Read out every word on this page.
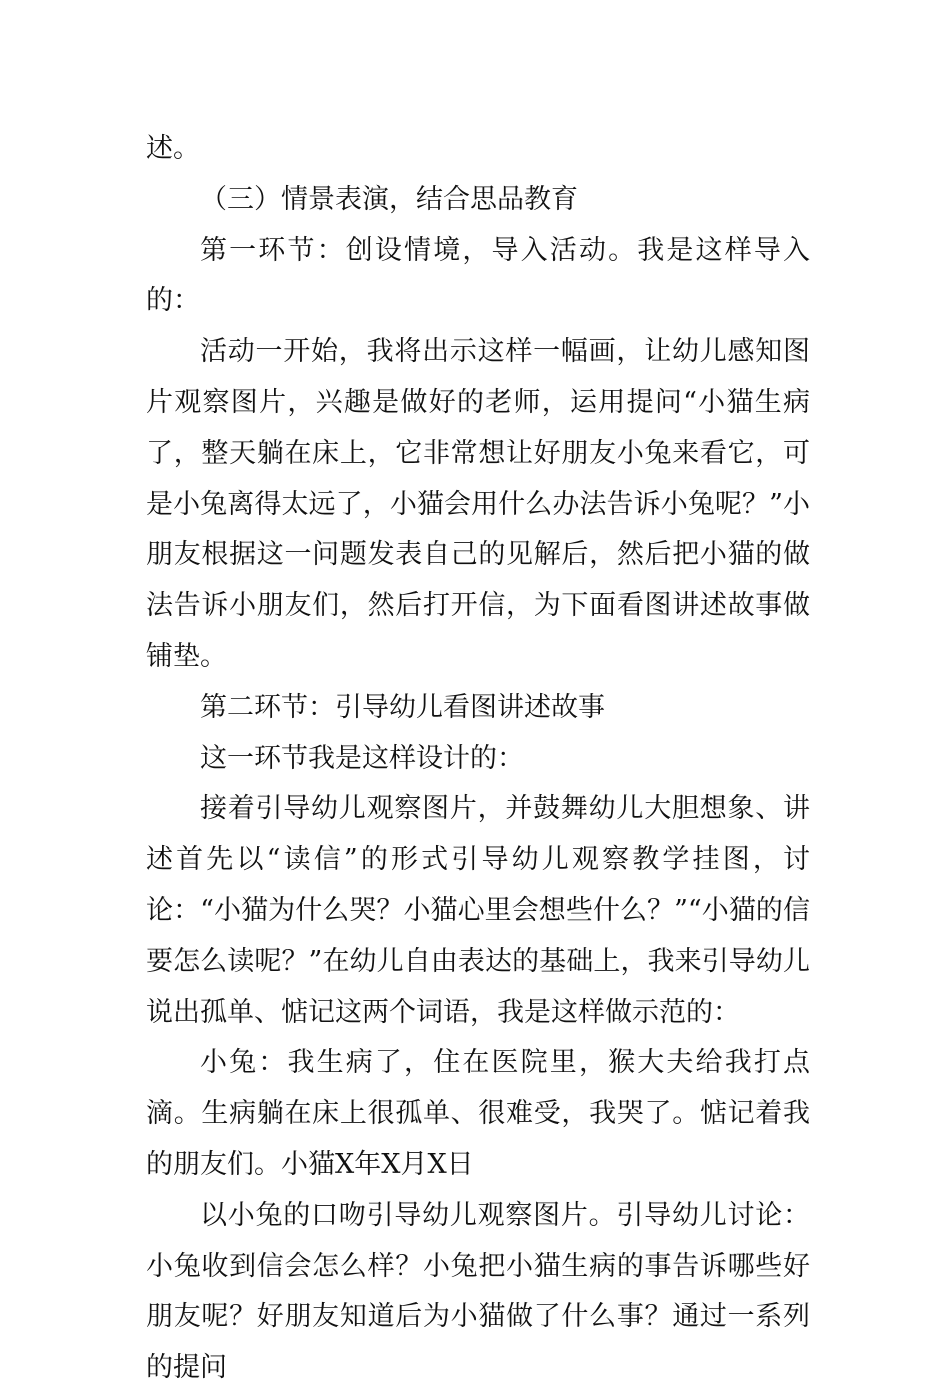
述。

（三）情景表演，结合思品教育

第一环节：创设情境，导入活动。我是这样导入的：

活动一开始，我将出示这样一幅画，让幼儿感知图片观察图片，兴趣是做好的老师，运用提问“小猫生病了，整天躺在床上，它非常想让好朋友小兔来看它，可是小兔离得太远了，小猫会用什么办法告诉小兔呢？”小朋友根据这一问题发表自己的见解后，然后把小猫的做法告诉小朋友们，然后打开信，为下面看图讲述故事做铺垫。

第二环节：引导幼儿看图讲述故事

这一环节我是这样设计的：

接着引导幼儿观察图片，并鼓舞幼儿大胆想象、讲述首先以“读信”的形式引导幼儿观察教学挂图，讨论：“小猫为什么哭？小猫心里会想些什么？”“小猫的信要怎么读呢？”在幼儿自由表达的基础上，我来引导幼儿说出孤单、惦记这两个词语，我是这样做示范的：

小兔：我生病了，住在医院里，猴大夫给我打点滴。生病躺在床上很孤单、很难受，我哭了。惦记着我的朋友们。小猫X年X月X日

以小兔的口吻引导幼儿观察图片。引导幼儿讨论：小兔收到信会怎么样？小兔把小猫生病的事告诉哪些好朋友呢？好朋友知道后为小猫做了什么事？通过一系列的提问
